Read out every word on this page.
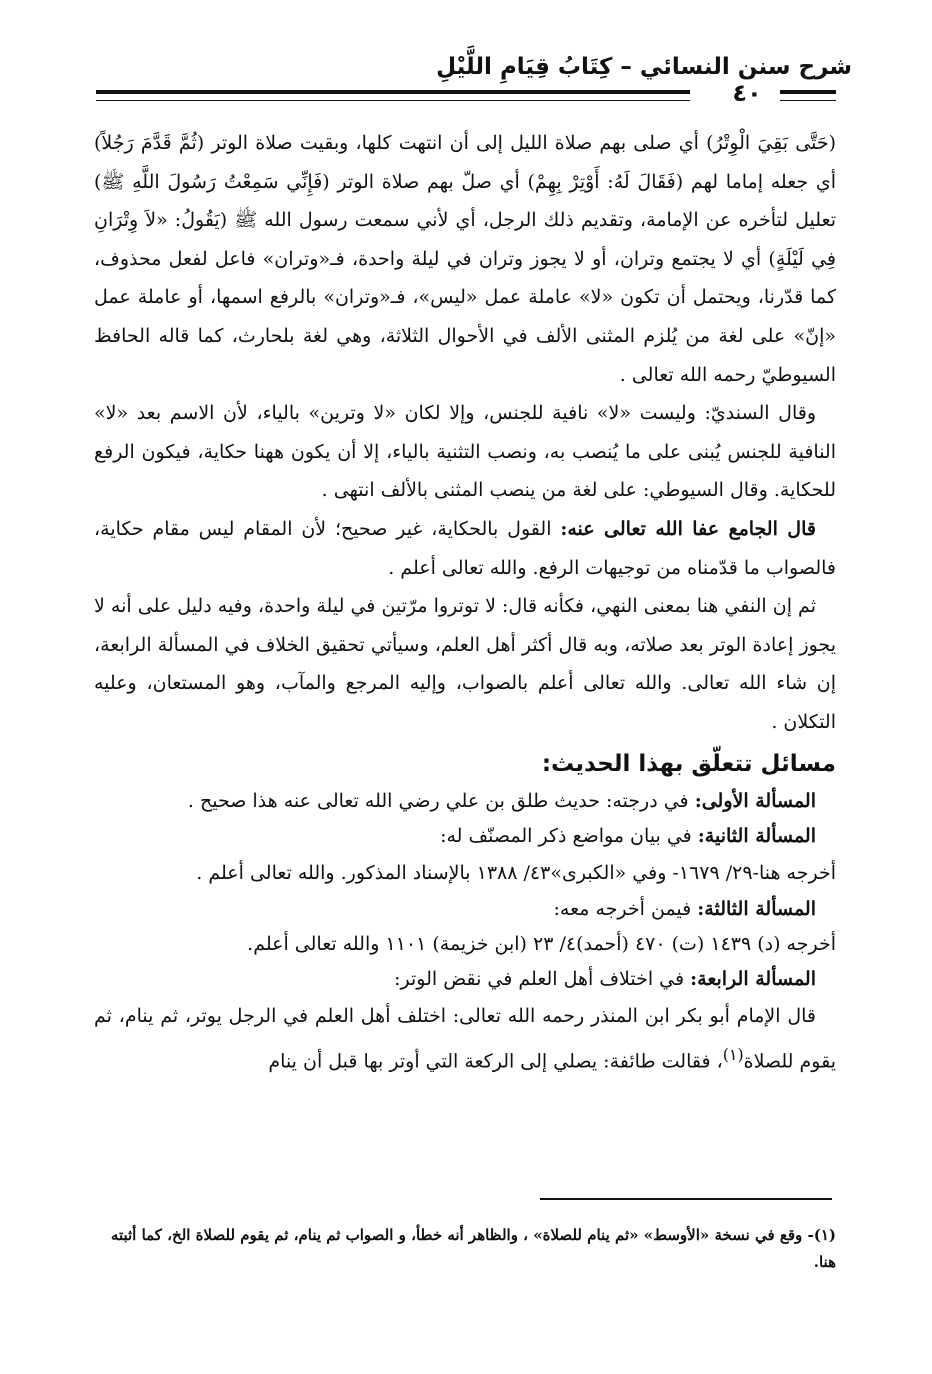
شرح سنن النسائي – كِتَابُ قِيَامِ اللَّيْلِ
٤٠

(حَتَّى بَقِيَ الْوِتْرُ) أي صلى بهم صلاة الليل إلى أن انتهت كلها، وبقيت صلاة الوتر (ثُمَّ قَدَّمَ رَجُلاً) أي جعله إماما لهم (فَقَالَ لَهُ: أَوْتِرْ بِهِمْ) أي صلّ بهم صلاة الوتر (فَإِنِّي سَمِعْتُ رَسُولَ اللَّهِ ﷺ) تعليل لتأخره عن الإمامة، وتقديم ذلك الرجل، أي لأني سمعت رسول الله ﷺ (يَقُولُ: «لاَ وِتْرَانِ فِي لَيْلَةٍ) أي لا يجتمع وتران، أو لا يجوز وتران في ليلة واحدة، فـ«وتران» فاعل لفعل محذوف، كما قدّرنا، ويحتمل أن تكون «لا» عاملة عمل «ليس»، فـ«وتران» بالرفع اسمها، أو عاملة عمل «إنّ» على لغة من يُلزم المثنى الألف في الأحوال الثلاثة، وهي لغة بلحارث، كما قاله الحافظ السيوطيّ رحمه الله تعالى .

وقال السنديّ: وليست «لا» نافية للجنس، وإلا لكان «لا وترين» بالياء، لأن الاسم بعد «لا» النافية للجنس يُبنى على ما يُنصب به، ونصب التثنية بالياء، إلا أن يكون ههنا حكاية، فيكون الرفع للحكاية. وقال السيوطي: على لغة من ينصب المثنى بالألف انتهى .

قال الجامع عفا الله تعالى عنه: القول بالحكاية، غير صحيح؛ لأن المقام ليس مقام حكاية، فالصواب ما قدّمناه من توجيهات الرفع. والله تعالى أعلم .

ثم إن النفي هنا بمعنى النهي، فكأنه قال: لا توتروا مرّتين في ليلة واحدة، وفيه دليل على أنه لا يجوز إعادة الوتر بعد صلاته، وبه قال أكثر أهل العلم، وسيأتي تحقيق الخلاف في المسألة الرابعة، إن شاء الله تعالى. والله تعالى أعلم بالصواب، وإليه المرجع والمآب، وهو المستعان، وعليه التكلان .

مسائل تتعلّق بهذا الحديث:

المسألة الأولى: في درجته: حديث طلق بن علي رضي الله تعالى عنه هذا صحيح .

المسألة الثانية: في بيان مواضع ذكر المصنّف له:

أخرجه هنا-٢٩/ ١٦٧٩- وفي «الكبرى»٤٣/ ١٣٨٨ بالإسناد المذكور. والله تعالى أعلم .

المسألة الثالثة: فيمن أخرجه معه:

أخرجه (د) ١٤٣٩ (ت) ٤٧٠ (أحمد)٤/ ٢٣ (ابن خزيمة) ١١٠١ والله تعالى أعلم.

المسألة الرابعة: في اختلاف أهل العلم في نقض الوتر:

قال الإمام أبو بكر ابن المنذر رحمه الله تعالى: اختلف أهل العلم في الرجل يوتر، ثم ينام، ثم يقوم للصلاة$^{(١)}$، فقالت طائفة: يصلي إلى الركعة التي أوتر بها قبل أن ينام

(١)- وقع في نسخة «الأوسط» «ثم ينام للصلاة» ، والظاهر أنه خطأ، و الصواب ثم ينام، ثم يقوم للصلاة الخ، كما أثبته هنا.
